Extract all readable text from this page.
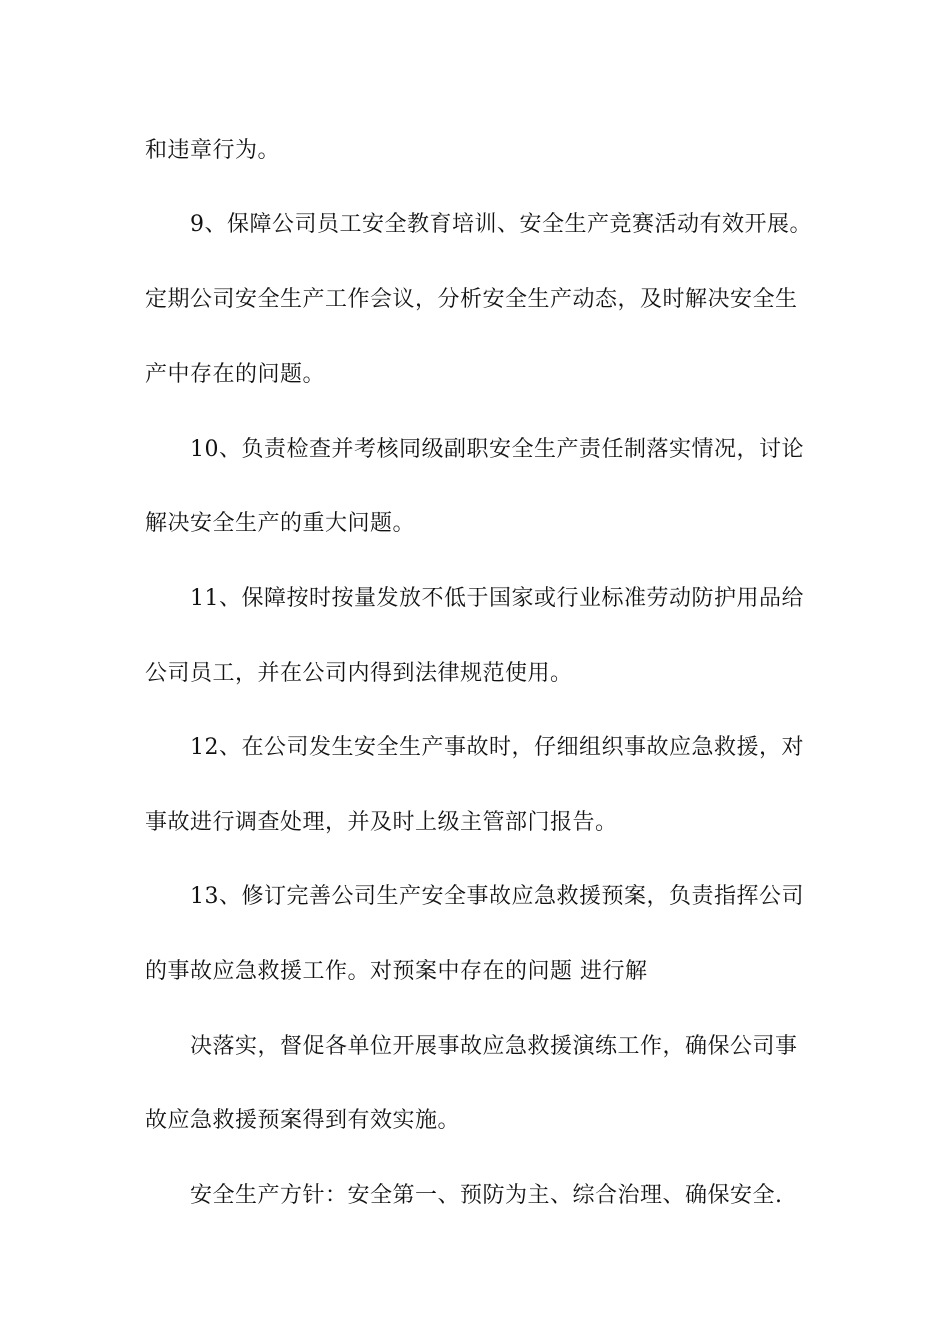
和违章行为。

9、保障公司员工安全教育培训、安全生产竞赛活动有效开展。

定期公司安全生产工作会议，分析安全生产动态，及时解决安全生

产中存在的问题。

10、负责检查并考核同级副职安全生产责任制落实情况，讨论

解决安全生产的重大问题。

11、保障按时按量发放不低于国家或行业标准劳动防护用品给

公司员工，并在公司内得到法律规范使用。

12、在公司发生安全生产事故时，仔细组织事故应急救援，对

事故进行调查处理，并及时上级主管部门报告。

13、修订完善公司生产安全事故应急救援预案，负责指挥公司

的事故应急救援工作。对预案中存在的问题 进行解

决落实，督促各单位开展事故应急救援演练工作，确保公司事

故应急救援预案得到有效实施。

安全生产方针：安全第一、预防为主、综合治理、确保安全.
